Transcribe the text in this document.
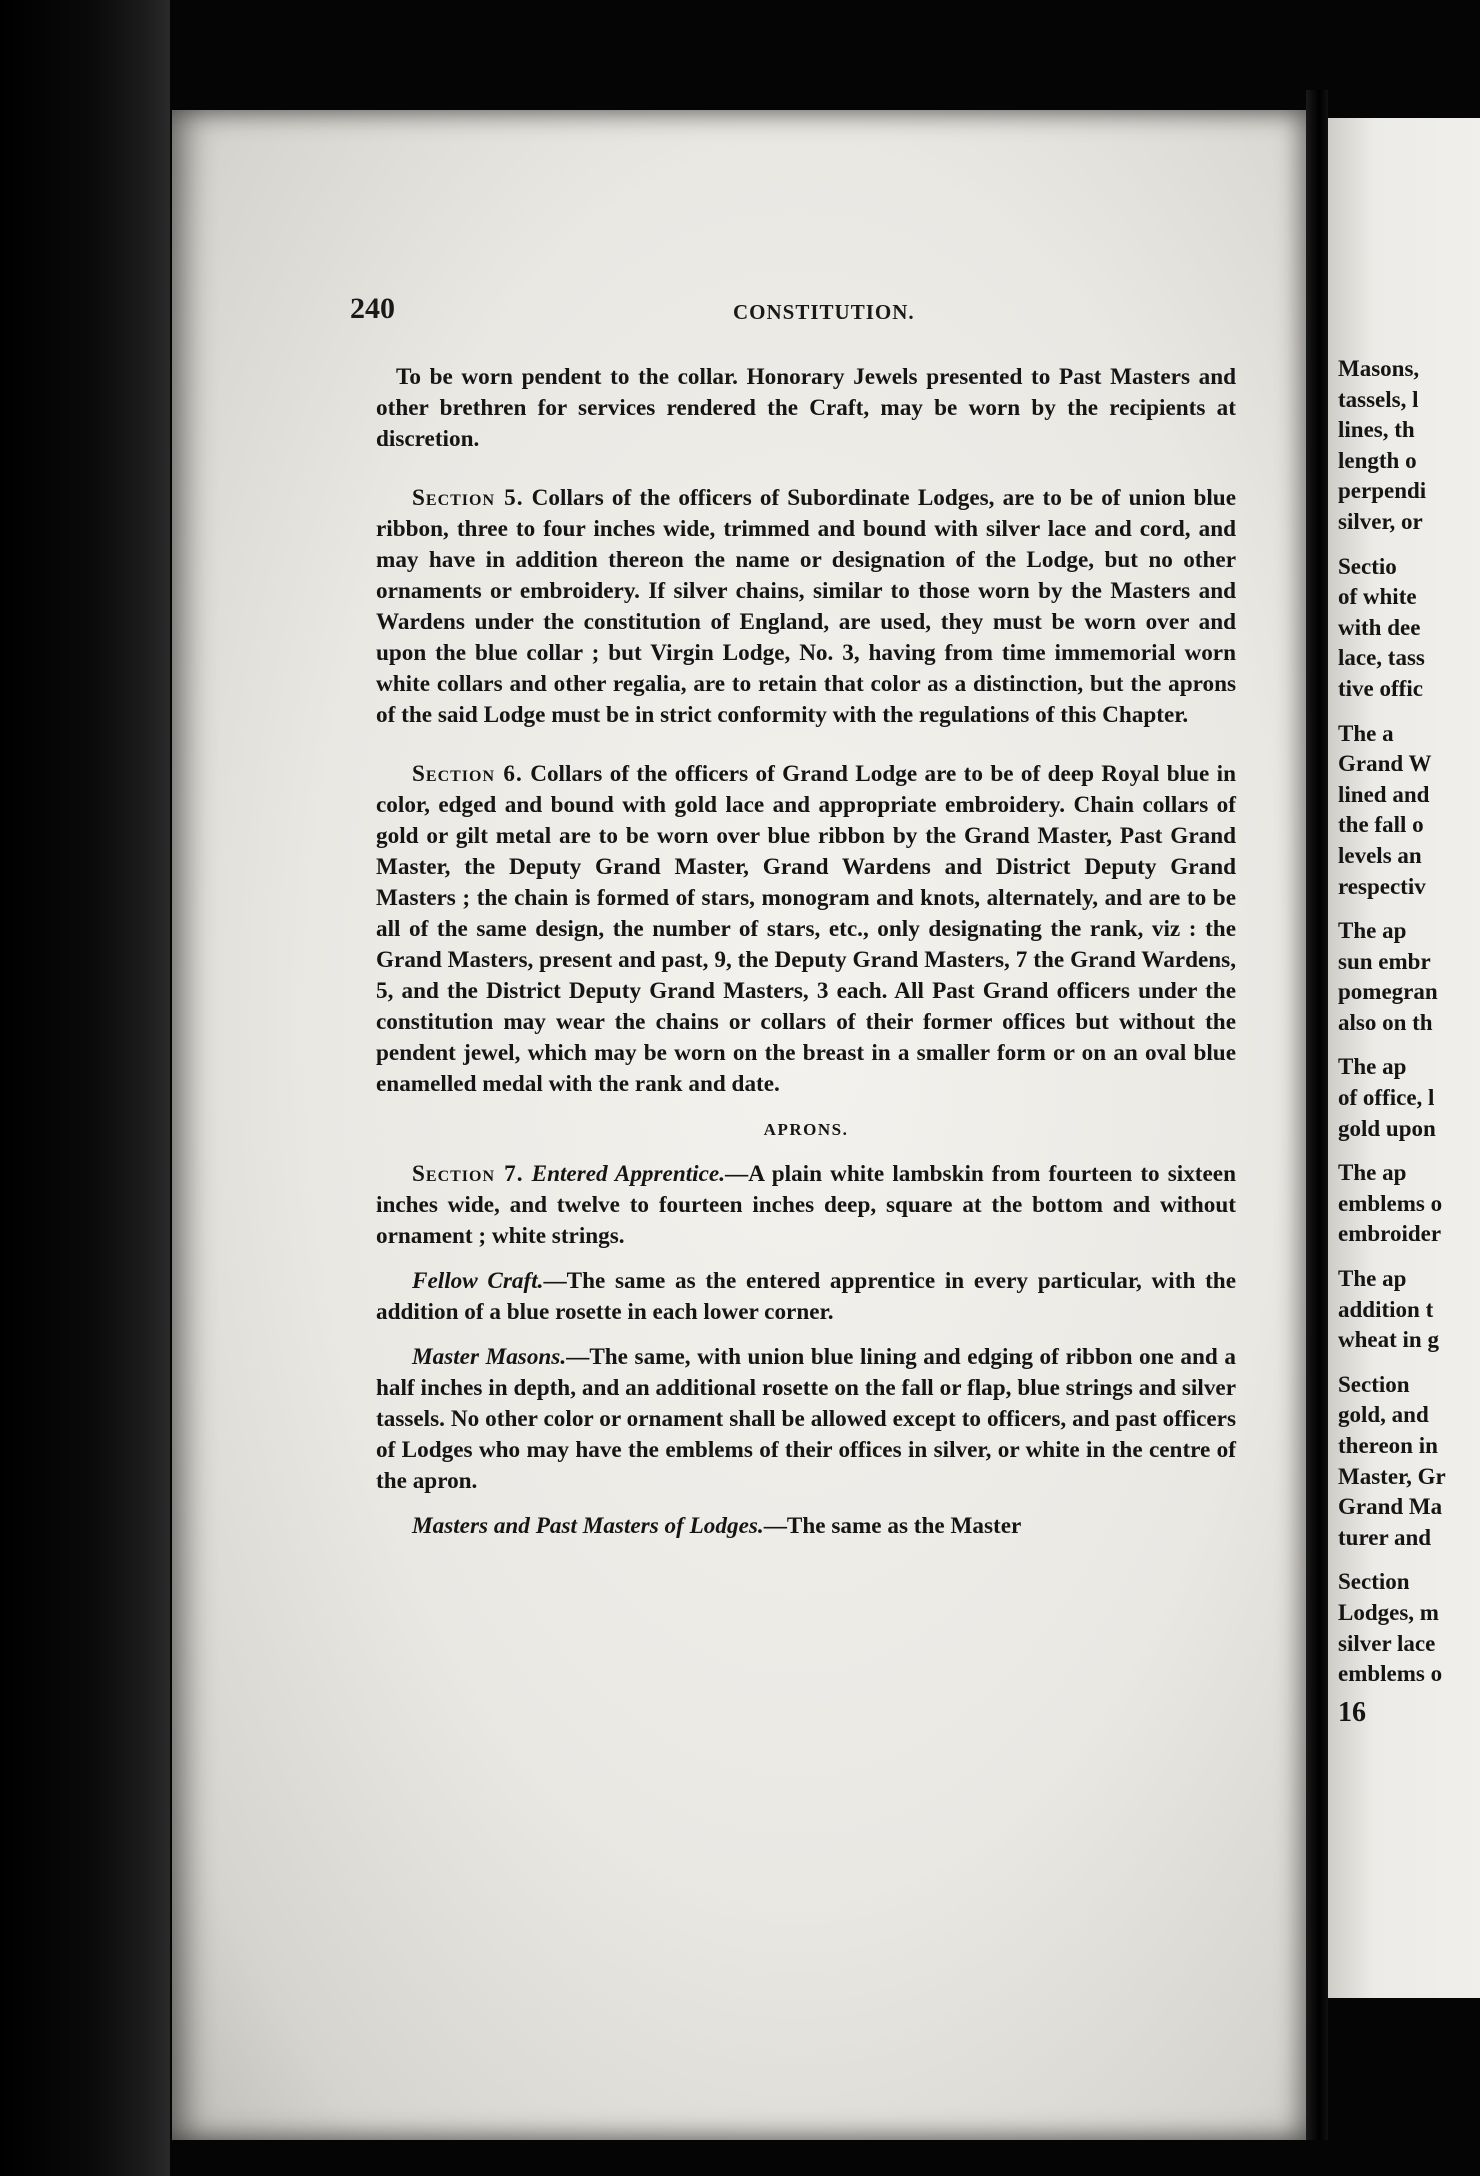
Masons,
tassels, l
lines, th
length o
perpendi
silver, or
Sectio
of white
with dee
lace, tass
tive offic
The a
Grand W
lined and
the fall o
levels an
respectiv
The ap
sun embr
pomegran
also on th
The ap
of office, l
gold upon
The ap
emblems o
embroider
The ap
addition t
wheat in g
Section
gold, and
thereon in
Master, Gr
Grand Ma
turer and
Section
Lodges, m
silver lace
emblems o
16
240	CONSTITUTION.

To be worn pendent to the collar. Honorary Jewels presented to Past Masters and other brethren for services rendered the Craft, may be worn by the recipients at discretion.

Section 5. Collars of the officers of Subordinate Lodges, are to be of union blue ribbon, three to four inches wide, trimmed and bound with silver lace and cord, and may have in addition thereon the name or designation of the Lodge, but no other ornaments or embroidery. If silver chains, similar to those worn by the Masters and Wardens under the constitution of England, are used, they must be worn over and upon the blue collar ; but Virgin Lodge, No. 3, having from time immemorial worn white collars and other regalia, are to retain that color as a distinction, but the aprons of the said Lodge must be in strict conformity with the regulations of this Chapter.

Section 6. Collars of the officers of Grand Lodge are to be of deep Royal blue in color, edged and bound with gold lace and appropriate embroidery. Chain collars of gold or gilt metal are to be worn over blue ribbon by the Grand Master, Past Grand Master, the Deputy Grand Master, Grand Wardens and District Deputy Grand Masters ; the chain is formed of stars, monogram and knots, alternately, and are to be all of the same design, the number of stars, etc., only designating the rank, viz : the Grand Masters, present and past, 9, the Deputy Grand Masters, 7 the Grand Wardens, 5, and the District Deputy Grand Masters, 3 each. All Past Grand officers under the constitution may wear the chains or collars of their former offices but without the pendent jewel, which may be worn on the breast in a smaller form or on an oval blue enamelled medal with the rank and date.

APRONS.

Section 7. Entered Apprentice.—A plain white lambskin from fourteen to sixteen inches wide, and twelve to fourteen inches deep, square at the bottom and without ornament ; white strings.

Fellow Craft.—The same as the entered apprentice in every particular, with the addition of a blue rosette in each lower corner.

Master Masons.—The same, with union blue lining and edging of ribbon one and a half inches in depth, and an additional rosette on the fall or flap, blue strings and silver tassels. No other color or ornament shall be allowed except to officers, and past officers of Lodges who may have the emblems of their offices in silver, or white in the centre of the apron.

Masters and Past Masters of Lodges.—The same as the Master
